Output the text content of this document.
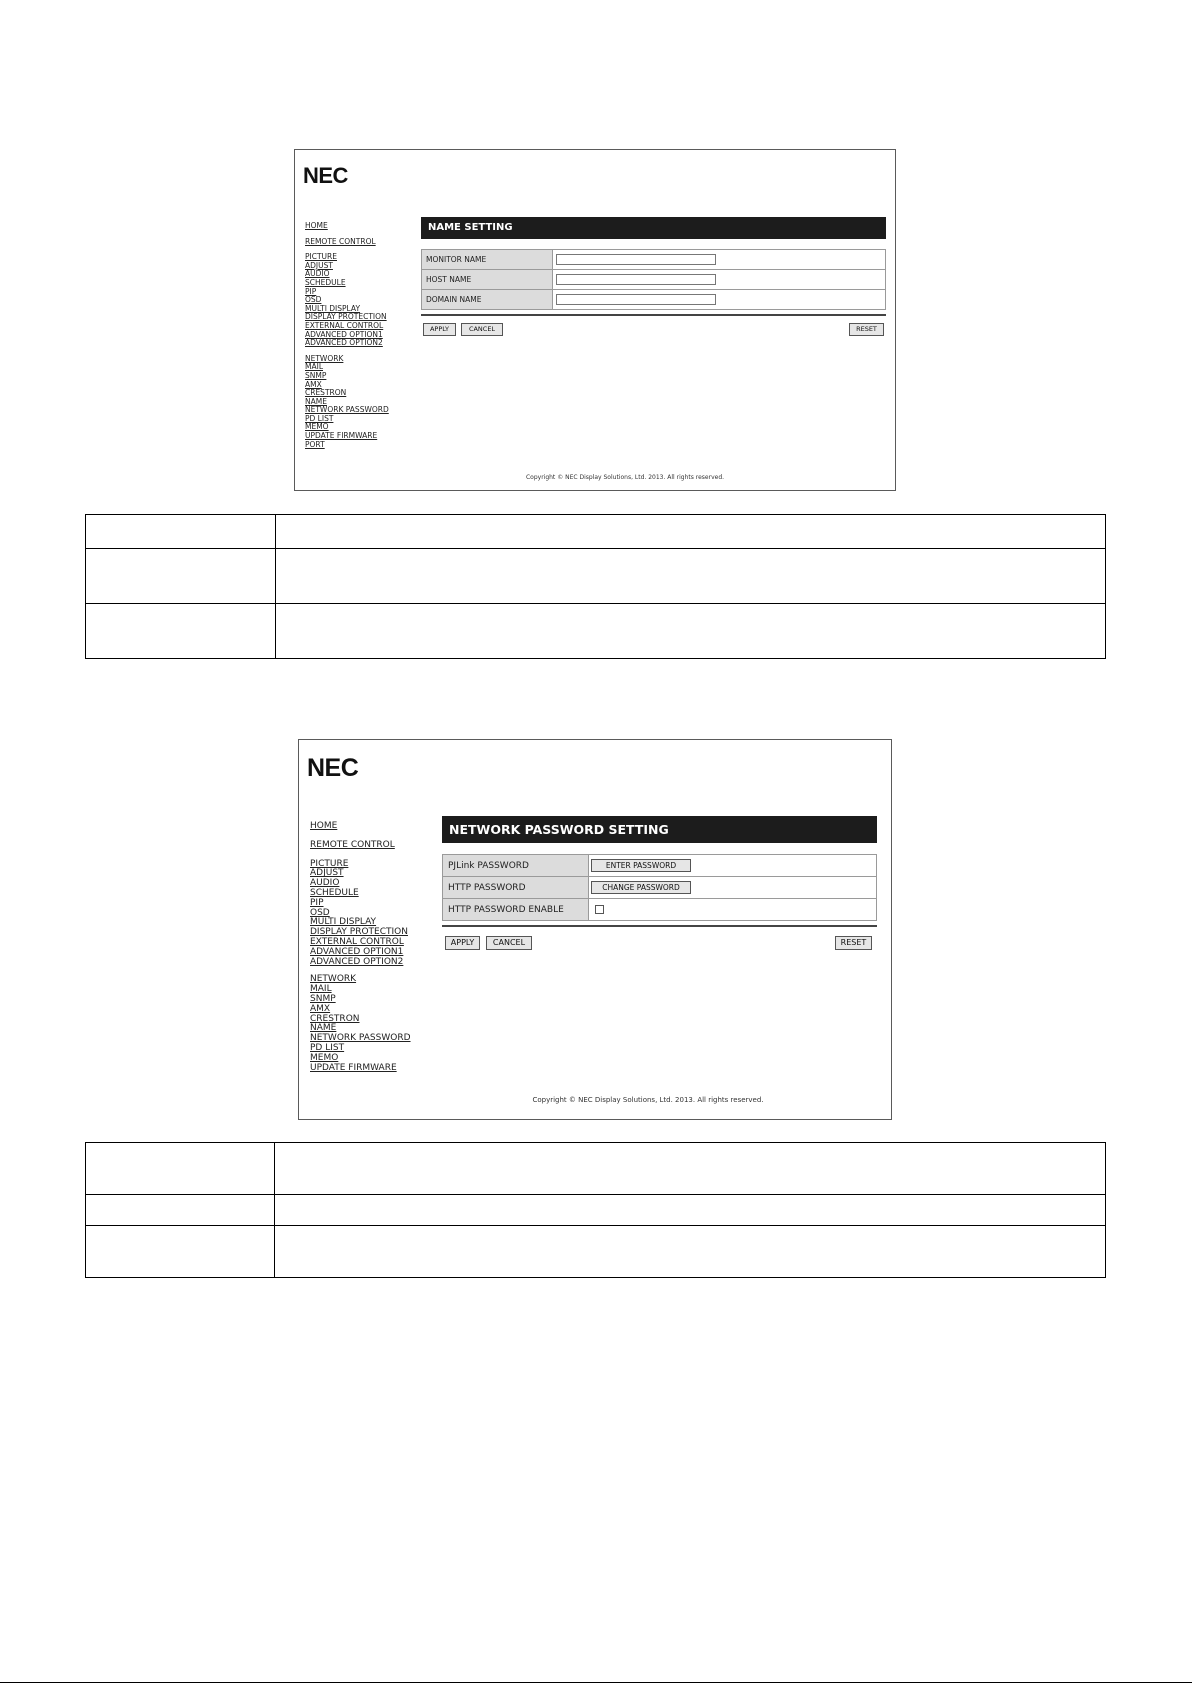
NEC
HOME
REMOTE CONTROL
PICTURE
ADJUST
AUDIO
SCHEDULE
PIP
OSD
MULTI DISPLAY
DISPLAY PROTECTION
EXTERNAL CONTROL
ADVANCED OPTION1
ADVANCED OPTION2
NETWORK
MAIL
SNMP
AMX
CRESTRON
NAME
NETWORK PASSWORD
PD LIST
MEMO
UPDATE FIRMWARE
PORT
NAME SETTING
MONITOR NAME	

HOST NAME	

DOMAIN NAME	
APPLY	CANCEL	RESET
Copyright © NEC Display Solutions, Ltd. 2013. All rights reserved.

NEC
HOME
REMOTE CONTROL
PICTURE
ADJUST
AUDIO
SCHEDULE
PIP
OSD
MULTI DISPLAY
DISPLAY PROTECTION
EXTERNAL CONTROL
ADVANCED OPTION1
ADVANCED OPTION2
NETWORK
MAIL
SNMP
AMX
CRESTRON
NAME
NETWORK PASSWORD
PD LIST
MEMO
UPDATE FIRMWARE
NETWORK PASSWORD SETTING
PJLink PASSWORD	ENTER PASSWORD
HTTP PASSWORD	CHANGE PASSWORD
HTTP PASSWORD ENABLE	
APPLY	CANCEL	RESET
Copyright © NEC Display Solutions, Ltd. 2013. All rights reserved.
